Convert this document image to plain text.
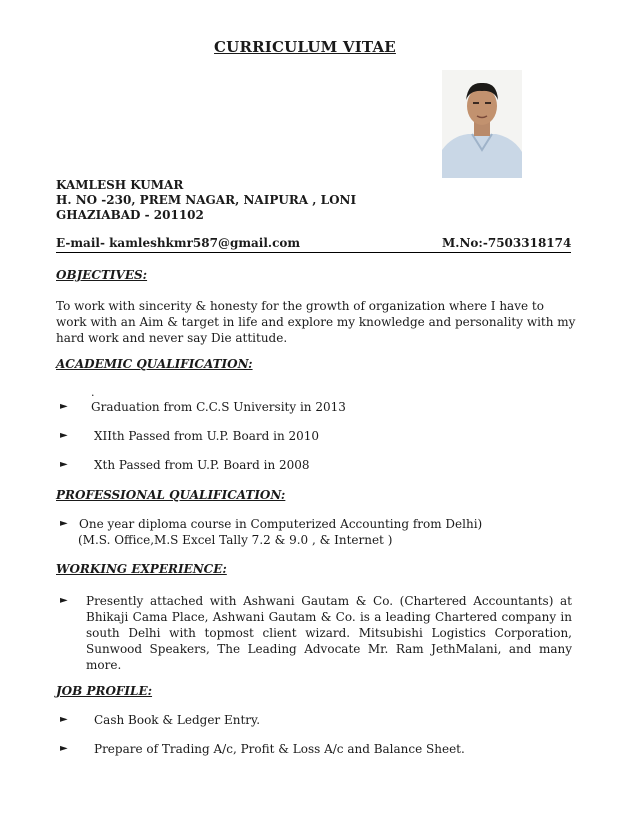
CURRICULUM VITAE
KAMLESH KUMAR
H. NO -230, PREM NAGAR, NAIPURA , LONI
GHAZIABAD - 201102
E-mail- kamleshkmr587@gmail.com	M.No:-7503318174
OBJECTIVES:
To work with sincerity & honesty for the growth of organization where I have to work with an Aim & target in life and explore my knowledge and personality with my hard work and never say Die attitude.
ACADEMIC QUALIFICATION:
.
► Graduation from C.C.S University in 2013
► XIIth Passed from U.P. Board in 2010
► Xth Passed from U.P. Board in 2008
PROFESSIONAL QUALIFICATION:
► One year diploma course in Computerized Accounting from Delhi)
(M.S. Office,M.S Excel Tally 7.2 & 9.0 , & Internet )
WORKING EXPERIENCE:
► Presently attached with Ashwani Gautam & Co. (Chartered Accountants) at Bhikaji Cama Place, Ashwani Gautam & Co. is a leading Chartered company in south Delhi with topmost client wizard. Mitsubishi Logistics Corporation, Sunwood Speakers, The Leading Advocate Mr. Ram JethMalani, and many more.
JOB PROFILE:
► Cash Book & Ledger Entry.
► Prepare of Trading A/c, Profit & Loss A/c and Balance Sheet.
